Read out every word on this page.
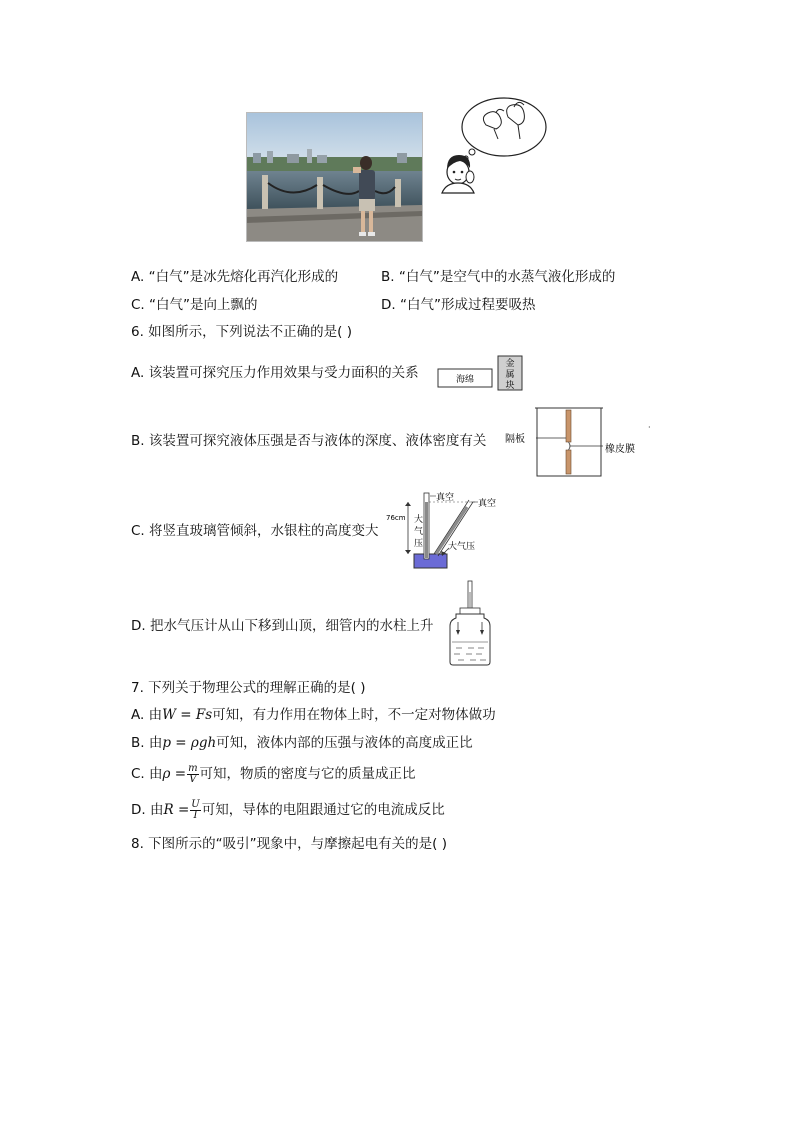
A. “白气”是冰先熔化再汽化形成的	B. “白气”是空气中的水蒸气液化形成的
C. “白气”是向上飘的	D. “白气”形成过程要吸热
6. 如图所示，下列说法不正确的是( )
A. 该装置可探究压力作用效果与受力面积的关系	海绵
金
属
块
B. 该装置可探究液体压强是否与液体的深度、液体密度有关 隔板
橡皮膜
·
C. 将竖直玻璃管倾斜，水银柱的高度变大
76cm 大
气
压
真空
真空
大气压
D. 把水气压计从山下移到山顶，细管内的水柱上升
7. 下列关于物理公式的理解正确的是( )
A. 由W = Fs可知，有力作用在物体上时，不一定对物体做功
B. 由p = ρgh可知，液体内部的压强与液体的高度成正比
C. 由$\rho = \frac{m}{V}$ 可知，物质的密度与它的质量成正比
D. 由$R = \frac{U}{I}$ 可知，导体的电阻跟通过它的电流成反比
8. 下图所示的“吸引”现象中，与摩擦起电有关的是( )
